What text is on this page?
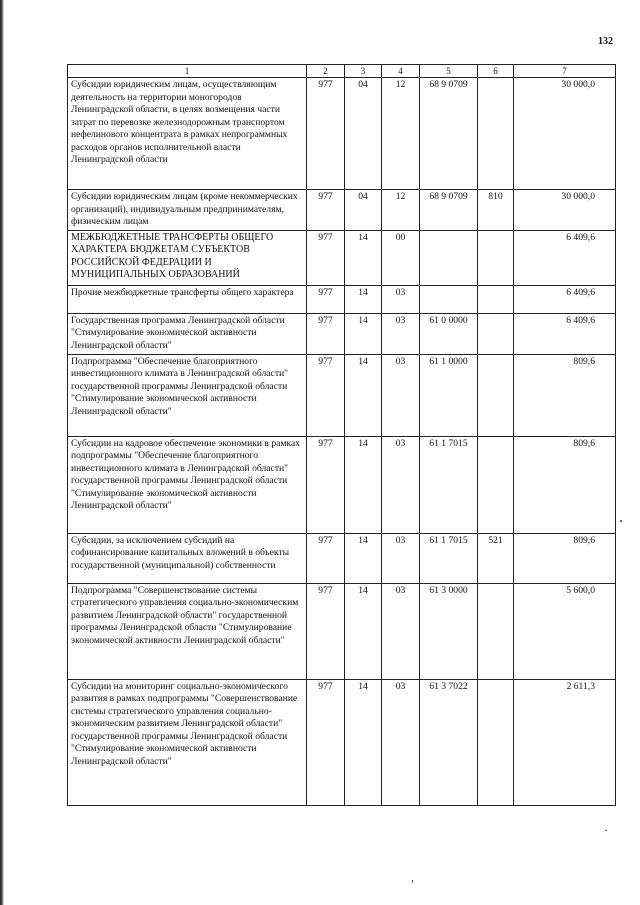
132
1	2	3	4	5	6	7
Субсидии юридическим лицам, осуществляющим деятельность на территории моногородов Ленинградской области, в целях возмещения части затрат по перевозке железнодорожным транспортом нефелинового концентрата в рамках непрограммных расходов органов исполнительной власти Ленинградской области	977	04	12	68 9 0709		30 000,0
Субсидии юридическим лицам (кроме некоммерческих организаций), индивидуальным предпринимателям, физическим лицам	977	04	12	68 9 0709	810	30 000,0
МЕЖБЮДЖЕТНЫЕ ТРАНСФЕРТЫ ОБЩЕГО ХАРАКТЕРА БЮДЖЕТАМ СУБЪЕКТОВ РОССИЙСКОЙ ФЕДЕРАЦИИ И МУНИЦИПАЛЬНЫХ ОБРАЗОВАНИЙ	977	14	00			6 409,6
Прочие межбюджетные трансферты общего характера	977	14	03			6 409,6
Государственная программа Ленинградской области "Стимулирование экономической активности Ленинградской области"	977	14	03	61 0 0000		6 409,6
Подпрограмма "Обеспечение благоприятного инвестиционного климата в Ленинградской области" государственной программы Ленинградской области "Стимулирование экономической активности Ленинградской области"	977	14	03	61 1 0000		809,6
Субсидии на кадровое обеспечение экономики в рамках подпрограммы "Обеспечение благоприятного инвестиционного климата в Ленинградской области" государственной программы Ленинградской области "Стимулирование экономической активности Ленинградской области"	977	14	03	61 1 7015		809,6
Субсидии, за исключением субсидий на софинансирование капитальных вложений в объекты государственной (муниципальной) собственности	977	14	03	61 1 7015	521	809,6
Подпрограмма "Совершенствование системы стратегического управления социально-экономическим развитием Ленинградской области" государственной программы Ленинградской области "Стимулирование экономической активности Ленинградской области"	977	14	03	61 3 0000		5 600,0
Субсидии на мониторинг социально-экономического развития в рамках подпрограммы "Совершенствование системы стратегического управления социально-экономическим развитием Ленинградской области" государственной программы Ленинградской области "Стимулирование экономической активности Ленинградской области"	977	14	03	61 3 7022		2 611,3
